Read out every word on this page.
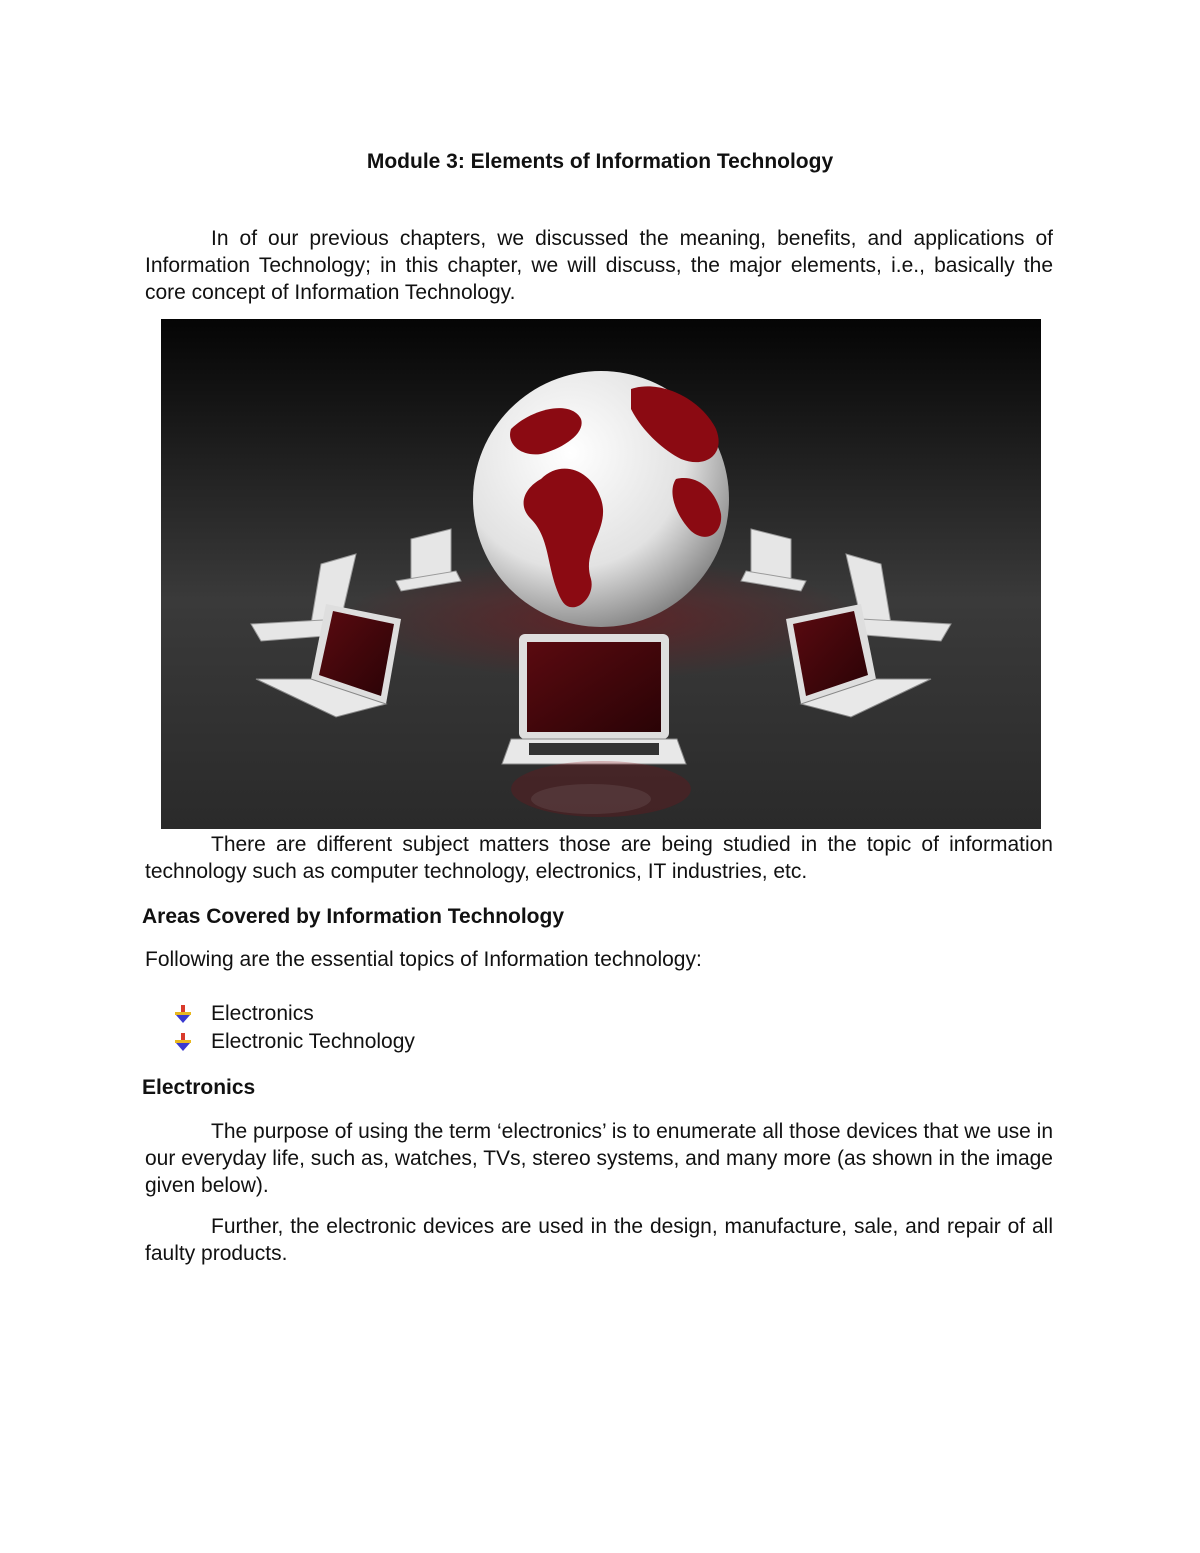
Module 3: Elements of Information Technology

In of our previous chapters, we discussed the meaning, benefits, and applications of Information Technology; in this chapter, we will discuss, the major elements, i.e., basically the core concept of Information Technology.

There are different subject matters those are being studied in the topic of information technology such as computer technology, electronics, IT industries, etc.

Areas Covered by Information Technology
Following are the essential topics of Information technology:
Electronics
Electronic Technology
Electronics

The purpose of using the term ‘electronics’ is to enumerate all those devices that we use in our everyday life, such as, watches, TVs, stereo systems, and many more (as shown in the image given below).

Further, the electronic devices are used in the design, manufacture, sale, and repair of all faulty products.
